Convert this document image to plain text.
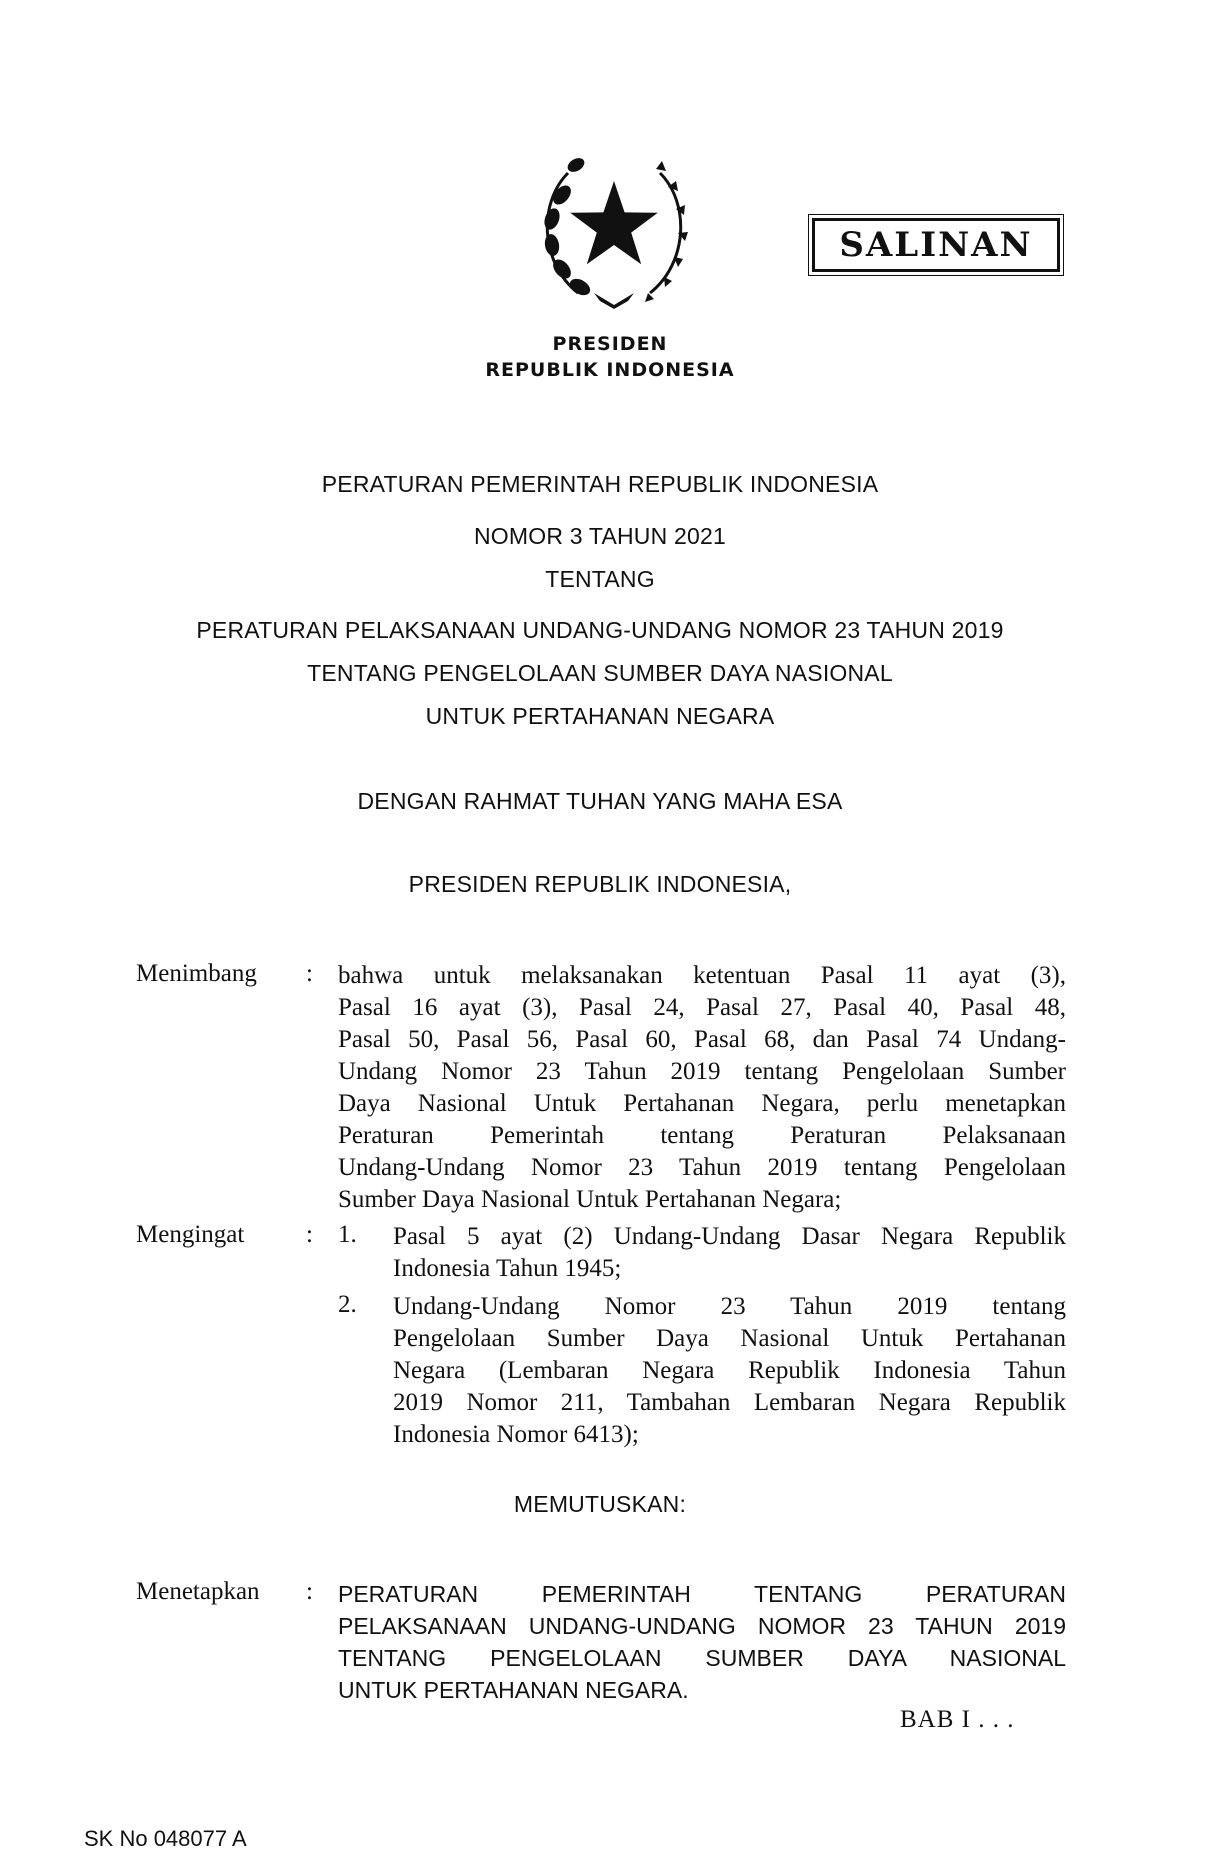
SALINAN
PRESIDEN
REPUBLIK INDONESIA
PERATURAN PEMERINTAH REPUBLIK INDONESIA
NOMOR 3 TAHUN 2021
TENTANG
PERATURAN PELAKSANAAN UNDANG-UNDANG NOMOR 23 TAHUN 2019
TENTANG PENGELOLAAN SUMBER DAYA NASIONAL
UNTUK PERTAHANAN NEGARA
DENGAN RAHMAT TUHAN YANG MAHA ESA
PRESIDEN REPUBLIK INDONESIA,
Menimbang : bahwa untuk melaksanakan ketentuan Pasal 11 ayat (3),
Pasal 16 ayat (3), Pasal 24, Pasal 27, Pasal 40, Pasal 48,
Pasal 50, Pasal 56, Pasal 60, Pasal 68, dan Pasal 74 Undang-
Undang Nomor 23 Tahun 2019 tentang Pengelolaan Sumber
Daya Nasional Untuk Pertahanan Negara, perlu menetapkan
Peraturan Pemerintah tentang Peraturan Pelaksanaan
Undang-Undang Nomor 23 Tahun 2019 tentang Pengelolaan
Sumber Daya Nasional Untuk Pertahanan Negara;
Mengingat : 1. Pasal 5 ayat (2) Undang-Undang Dasar Negara Republik
Indonesia Tahun 1945;
2. Undang-Undang Nomor 23 Tahun 2019 tentang
Pengelolaan Sumber Daya Nasional Untuk Pertahanan
Negara (Lembaran Negara Republik Indonesia Tahun
2019 Nomor 211, Tambahan Lembaran Negara Republik
Indonesia Nomor 6413);
MEMUTUSKAN:
Menetapkan : PERATURAN PEMERINTAH TENTANG PERATURAN
PELAKSANAAN UNDANG-UNDANG NOMOR 23 TAHUN 2019
TENTANG PENGELOLAAN SUMBER DAYA NASIONAL
UNTUK PERTAHANAN NEGARA.
BAB I . . .
SK No 048077 A
